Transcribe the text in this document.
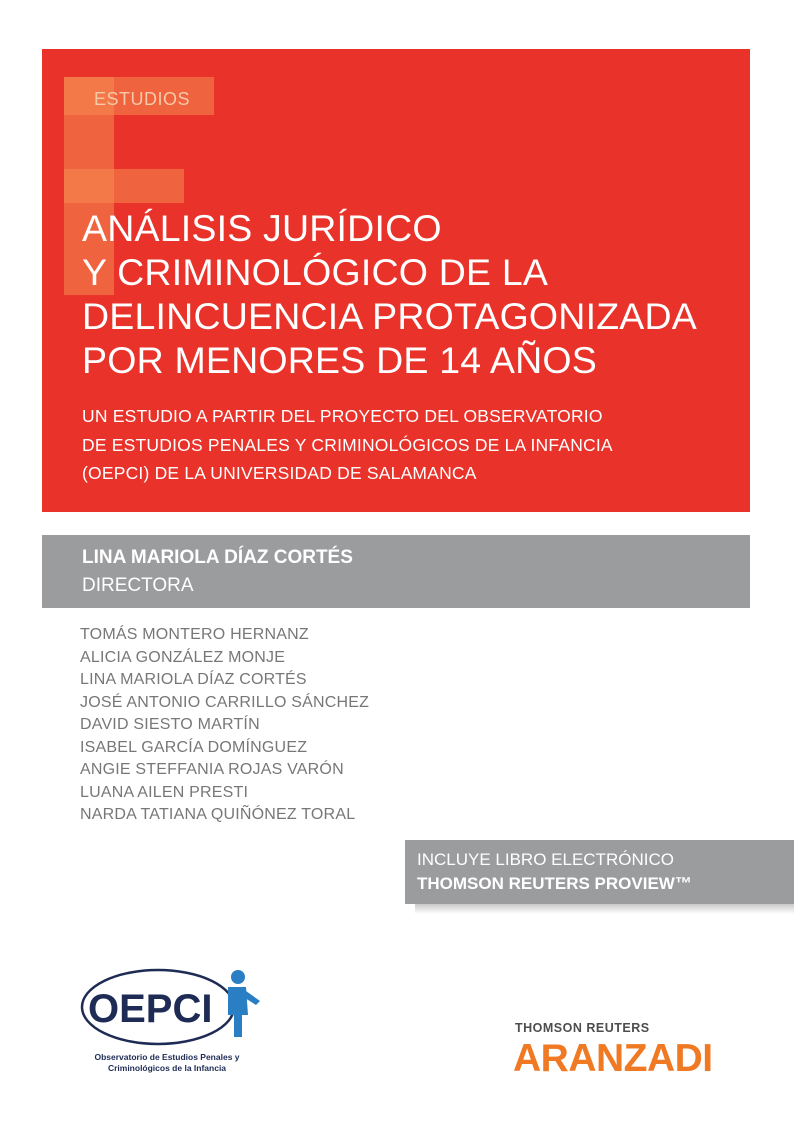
ESTUDIOS
ANÁLISIS JURÍDICO
Y CRIMINOLÓGICO DE LA
DELINCUENCIA PROTAGONIZADA
POR MENORES DE 14 AÑOS
UN ESTUDIO A PARTIR DEL PROYECTO DEL OBSERVATORIO
DE ESTUDIOS PENALES Y CRIMINOLÓGICOS DE LA INFANCIA
(OEPCI) DE LA UNIVERSIDAD DE SALAMANCA
LINA MARIOLA DÍAZ CORTÉS
DIRECTORA
TOMÁS MONTERO HERNANZ
ALICIA GONZÁLEZ MONJE
LINA MARIOLA DÍAZ CORTÉS
JOSÉ ANTONIO CARRILLO SÁNCHEZ
DAVID SIESTO MARTÍN
ISABEL GARCÍA DOMÍNGUEZ
ANGIE STEFFANIA ROJAS VARÓN
LUANA AILEN PRESTI
NARDA TATIANA QUIÑÓNEZ TORAL
INCLUYE LIBRO ELECTRÓNICO
THOMSON REUTERS PROVIEW™
OEPCI
Observatorio de Estudios Penales y
Criminológicos de la Infancia
THOMSON REUTERS
ARANZADI
